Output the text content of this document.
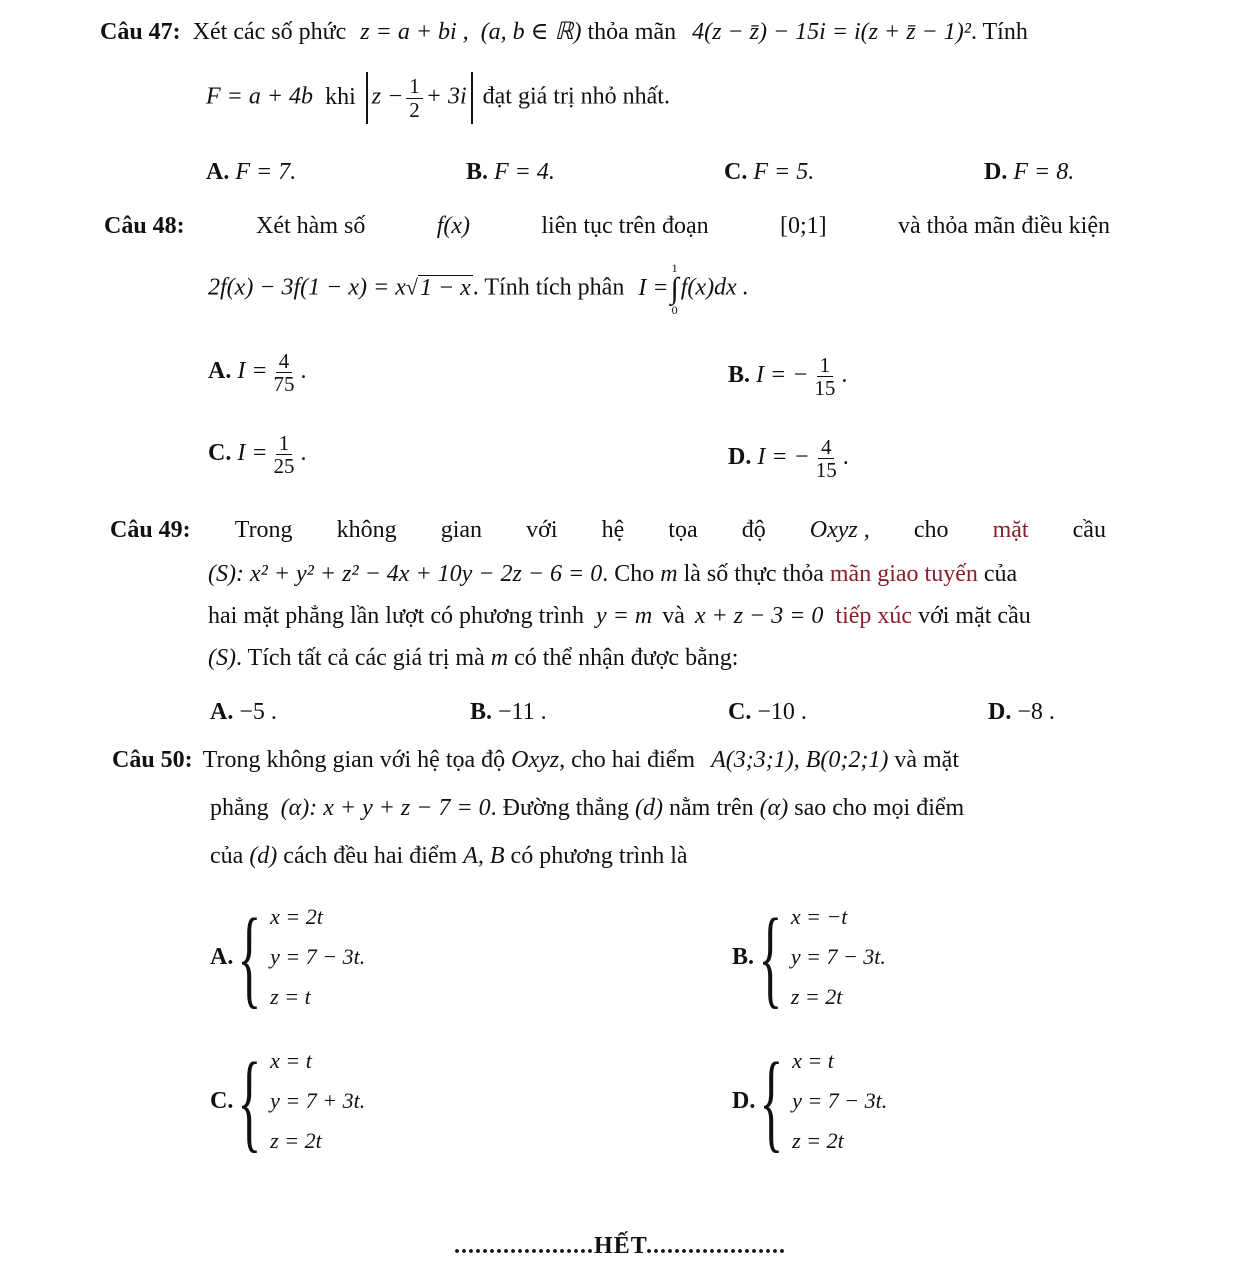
Câu 47: Xét các số phức z = a + bi , (a, b ∈ ℝ) thỏa mãn 4(z − z̄) − 15i = i(z + z̄ − 1)². Tính
F = a + 4b khi $z - \frac{1}{2} + 3i$ đạt giá trị nhỏ nhất.
A. F = 7.	B. F = 4.	C. F = 5.	D. F = 8.
Câu 48:	Xét hàm số	f(x)	liên tục trên đoạn	[0;1]	và thỏa mãn điều kiện
2f(x) − 3f(1 − x) = x√1 − x. Tính tích phân I =
1
∫
0
f(x)dx .
A. $I = \frac{4}{75}$ .	B. I = − $\frac{1}{15}$ .
C. $I = \frac{1}{25}$ .	D. I = − $\frac{4}{15}$ .
Câu 49: Trong không gian với hệ tọa độ Oxyz , cho mặt cầu
(S): x² + y² + z² − 4x + 10y − 2z − 6 = 0. Cho m là số thực thỏa mãn giao tuyến của
hai mặt phẳng lần lượt có phương trình y = m và x + z − 3 = 0 tiếp xúc với mặt cầu
(S). Tích tất cả các giá trị mà m có thể nhận được bằng:
A. −5 .	B. −11 .	C. −10 .	D. −8 .
Câu 50: Trong không gian với hệ tọa độ Oxyz, cho hai điểm A(3;3;1), B(0;2;1) và mặt
phẳng (α): x + y + z − 7 = 0. Đường thẳng (d) nằm trên (α) sao cho mọi điểm
của (d) cách đều hai điểm A, B có phương trình là
A. { x = 2t
y = 7 − 3t.
z = t
B. { x = −t
y = 7 − 3t.
z = 2t
C. { x = t
y = 7 + 3t.
z = 2t
D. { x = t
y = 7 − 3t.
z = 2t
....................HẾT....................
